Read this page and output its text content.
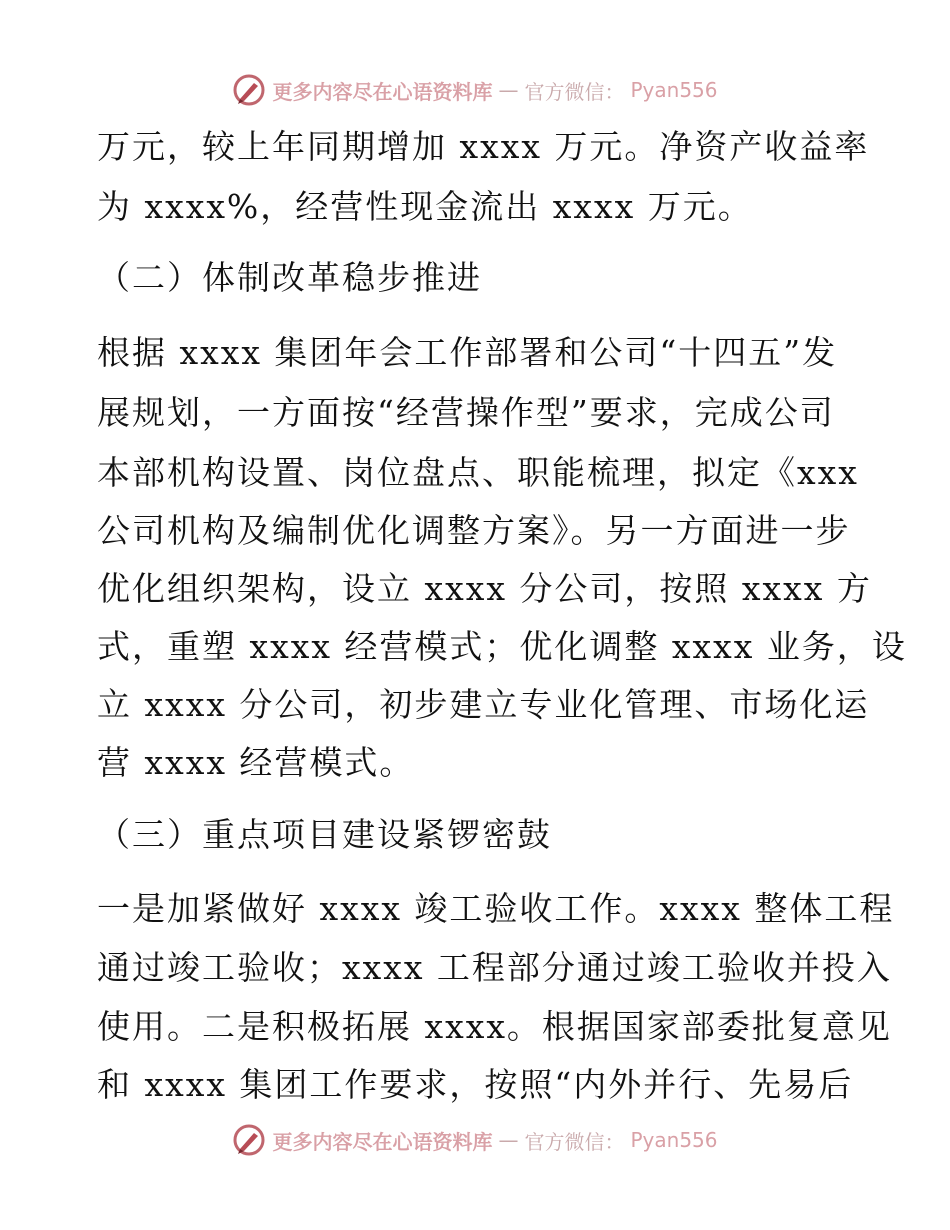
更多内容尽在心语资料库 — 官方微信： Pyan556
万元，较上年同期增加 xxxx 万元。净资产收益率
为 xxxx%，经营性现金流出 xxxx 万元。
（二）体制改革稳步推进
根据 xxxx 集团年会工作部署和公司“十四五”发
展规划，一方面按“经营操作型”要求，完成公司
本部机构设置、岗位盘点、职能梳理，拟定《xxx
公司机构及编制优化调整方案》。另一方面进一步
优化组织架构，设立 xxxx 分公司，按照 xxxx 方
式，重塑 xxxx 经营模式；优化调整 xxxx 业务，设
立 xxxx 分公司，初步建立专业化管理、市场化运
营 xxxx 经营模式。
（三）重点项目建设紧锣密鼓
一是加紧做好 xxxx 竣工验收工作。xxxx 整体工程
通过竣工验收；xxxx 工程部分通过竣工验收并投入
使用。二是积极拓展 xxxx。根据国家部委批复意见
和 xxxx 集团工作要求，按照“内外并行、先易后
更多内容尽在心语资料库 — 官方微信： Pyan556
